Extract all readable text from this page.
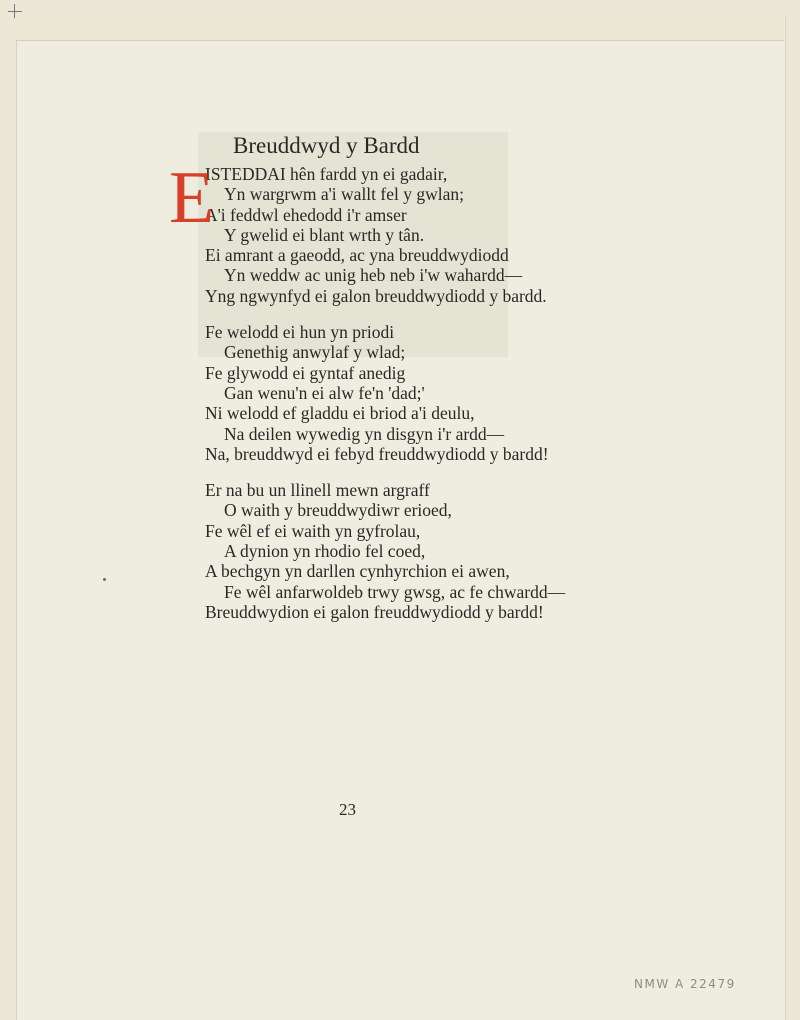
Breuddwyd y Bardd
E
ISTEDDAI hên fardd yn ei gadair,
Yn wargrwm a'i wallt fel y gwlan;
A'i feddwl ehedodd i'r amser
Y gwelid ei blant wrth y tân.
Ei amrant a gaeodd, ac yna breuddwydiodd
Yn weddw ac unig heb neb i'w wahardd—
Yng ngwynfyd ei galon breuddwydiodd y bardd.
Fe welodd ei hun yn priodi
Genethig anwylaf y wlad;
Fe glywodd ei gyntaf anedig
Gan wenu'n ei alw fe'n 'dad;'
Ni welodd ef gladdu ei briod a'i deulu,
Na deilen wywedig yn disgyn i'r ardd—
Na, breuddwyd ei febyd freuddwydiodd y bardd!
Er na bu un llinell mewn argraff
O waith y breuddwydiwr erioed,
Fe wêl ef ei waith yn gyfrolau,
A dynion yn rhodio fel coed,
A bechgyn yn darllen cynhyrchion ei awen,
Fe wêl anfarwoldeb trwy gwsg, ac fe chwardd—
Breuddwydion ei galon freuddwydiodd y bardd!
23
NMW A 22479
